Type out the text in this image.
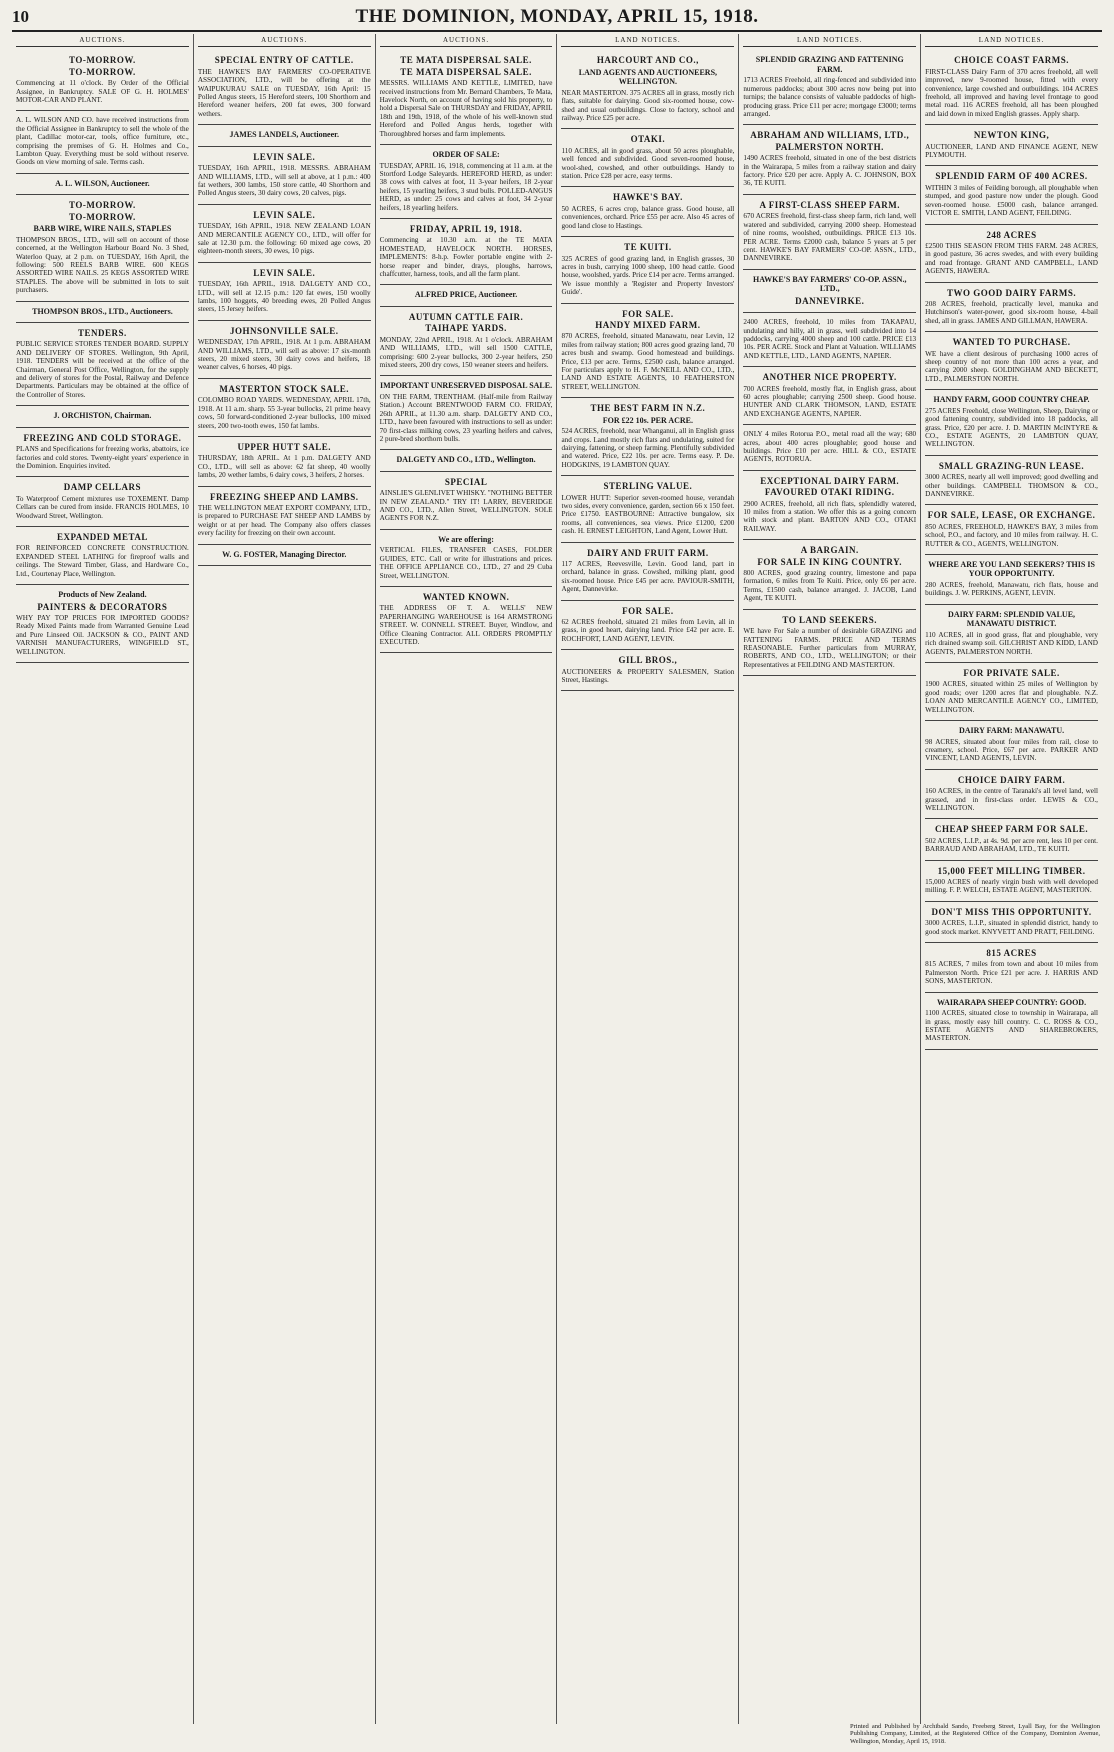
10	THE DOMINION, MONDAY, APRIL 15, 1918.
AUCTIONS.
TO-MORROW.
TO-MORROW.

Commencing at 11 o'clock. By Order of the Official Assignee, in Bankruptcy. SALE OF G. H. HOLMES' MOTOR-CAR AND PLANT.

A. L. WILSON AND CO. have received instructions from the Official Assignee in Bankruptcy to sell the whole of the plant, Cadillac motor-car, tools, office furniture, etc., comprising the premises of G. H. Holmes and Co., Lambton Quay. Everything must be sold without reserve. Goods on view morning of sale. Terms cash.

A. L. WILSON, Auctioneer.
TO-MORROW.
TO-MORROW.
BARB WIRE, WIRE NAILS, STAPLES

THOMPSON BROS., LTD., will sell on account of those concerned, at the Wellington Harbour Board No. 3 Shed, Waterloo Quay, at 2 p.m. on TUESDAY, 16th April, the following: 500 REELS BARB WIRE. 600 KEGS ASSORTED WIRE NAILS. 25 KEGS ASSORTED WIRE STAPLES. The above will be submitted in lots to suit purchasers.

THOMPSON BROS., LTD., Auctioneers.
TENDERS.

PUBLIC SERVICE STORES TENDER BOARD. SUPPLY AND DELIVERY OF STORES. Wellington, 9th April, 1918. TENDERS will be received at the office of the Chairman, General Post Office, Wellington, for the supply and delivery of stores for the Postal, Railway and Defence Departments. Particulars may be obtained at the office of the Controller of Stores.

J. ORCHISTON, Chairman.
FREEZING AND COLD STORAGE.

PLANS and Specifications for freezing works, abattoirs, ice factories and cold stores. Twenty-eight years' experience in the Dominion. Enquiries invited.

DAMP CELLARS

To Waterproof Cement mixtures use TOXEMENT. Damp Cellars can be cured from inside. FRANCIS HOLMES, 10 Woodward Street, Wellington.

EXPANDED METAL

FOR REINFORCED CONCRETE CONSTRUCTION. EXPANDED STEEL LATHING for fireproof walls and ceilings. The Steward Timber, Glass, and Hardware Co., Ltd., Courtenay Place, Wellington.

Products of New Zealand.
PAINTERS & DECORATORS

WHY PAY TOP PRICES FOR IMPORTED GOODS? Ready Mixed Paints made from Warranted Genuine Lead and Pure Linseed Oil. JACKSON & CO., PAINT AND VARNISH MANUFACTURERS, WINGFIELD ST., WELLINGTON.

AUCTIONS.
SPECIAL ENTRY OF CATTLE.

THE HAWKE'S BAY FARMERS' CO-OPERATIVE ASSOCIATION, LTD., will be offering at the WAIPUKURAU SALE on TUESDAY, 16th April: 15 Polled Angus steers, 15 Hereford steers, 100 Shorthorn and Hereford weaner heifers, 200 fat ewes, 300 forward wethers.

JAMES LANDELS, Auctioneer.
LEVIN SALE.

TUESDAY, 16th APRIL, 1918. MESSRS. ABRAHAM AND WILLIAMS, LTD., will sell at above, at 1 p.m.: 400 fat wethers, 300 lambs, 150 store cattle, 40 Shorthorn and Polled Angus steers, 30 dairy cows, 20 calves, pigs.

LEVIN SALE.

TUESDAY, 16th APRIL, 1918. NEW ZEALAND LOAN AND MERCANTILE AGENCY CO., LTD., will offer for sale at 12.30 p.m. the following: 60 mixed age cows, 20 eighteen-month steers, 30 ewes, 10 pigs.

LEVIN SALE.

TUESDAY, 16th APRIL, 1918. DALGETY AND CO., LTD., will sell at 12.15 p.m.: 120 fat ewes, 150 woolly lambs, 100 hoggets, 40 breeding ewes, 20 Polled Angus steers, 15 Jersey heifers.

JOHNSONVILLE SALE.

WEDNESDAY, 17th APRIL, 1918. At 1 p.m. ABRAHAM AND WILLIAMS, LTD., will sell as above: 17 six-month steers, 20 mixed steers, 30 dairy cows and heifers, 18 weaner calves, 6 horses, 40 pigs.

MASTERTON STOCK SALE.

COLOMBO ROAD YARDS. WEDNESDAY, APRIL 17th, 1918. At 11 a.m. sharp. 55 3-year bullocks, 21 prime heavy cows, 50 forward-conditioned 2-year bullocks, 100 mixed steers, 200 two-tooth ewes, 150 fat lambs.

UPPER HUTT SALE.

THURSDAY, 18th APRIL. At 1 p.m. DALGETY AND CO., LTD., will sell as above: 62 fat sheep, 40 woolly lambs, 20 wether lambs, 6 dairy cows, 3 heifers, 2 horses.

FREEZING SHEEP AND LAMBS.

THE WELLINGTON MEAT EXPORT COMPANY, LTD., is prepared to PURCHASE FAT SHEEP AND LAMBS by weight or at per head. The Company also offers classes every facility for freezing on their own account.

W. G. FOSTER, Managing Director.
AUCTIONS.
TE MATA DISPERSAL SALE.
TE MATA DISPERSAL SALE.

MESSRS. WILLIAMS AND KETTLE, LIMITED, have received instructions from Mr. Bernard Chambers, Te Mata, Havelock North, on account of having sold his property, to hold a Dispersal Sale on THURSDAY and FRIDAY, APRIL 18th and 19th, 1918, of the whole of his well-known stud Hereford and Polled Angus herds, together with Thoroughbred horses and farm implements.

ORDER OF SALE:

TUESDAY, APRIL 16, 1918, commencing at 11 a.m. at the Stortford Lodge Saleyards. HEREFORD HERD, as under: 38 cows with calves at foot, 11 3-year heifers, 18 2-year heifers, 15 yearling heifers, 3 stud bulls. POLLED-ANGUS HERD, as under: 25 cows and calves at foot, 34 2-year heifers, 18 yearling heifers.

FRIDAY, APRIL 19, 1918.

Commencing at 10.30 a.m. at the TE MATA HOMESTEAD, HAVELOCK NORTH. HORSES, IMPLEMENTS: 8-h.p. Fowler portable engine with 2-horse reaper and binder, drays, ploughs, harrows, chaffcutter, harness, tools, and all the farm plant.

ALFRED PRICE, Auctioneer.
AUTUMN CATTLE FAIR.
TAIHAPE YARDS.

MONDAY, 22nd APRIL, 1918. At 1 o'clock. ABRAHAM AND WILLIAMS, LTD., will sell 1500 CATTLE, comprising: 600 2-year bullocks, 300 2-year heifers, 250 mixed steers, 200 dry cows, 150 weaner steers and heifers.

IMPORTANT UNRESERVED DISPOSAL SALE.

ON THE FARM, TRENTHAM. (Half-mile from Railway Station.) Account BRENTWOOD FARM CO. FRIDAY, 26th APRIL, at 11.30 a.m. sharp. DALGETY AND CO., LTD., have been favoured with instructions to sell as under: 70 first-class milking cows, 23 yearling heifers and calves, 2 pure-bred shorthorn bulls.

DALGETY AND CO., LTD., Wellington.
SPECIAL

AINSLIE'S GLENLIVET WHISKY. "NOTHING BETTER IN NEW ZEALAND." TRY IT! LARRY, BEVERIDGE AND CO., LTD., Allen Street, WELLINGTON. SOLE AGENTS FOR N.Z.

We are offering:

VERTICAL FILES, TRANSFER CASES, FOLDER GUIDES, ETC. Call or write for illustrations and prices. THE OFFICE APPLIANCE CO., LTD., 27 and 29 Cuba Street, WELLINGTON.

WANTED KNOWN.

THE ADDRESS OF T. A. WELLS' NEW PAPERHANGING WAREHOUSE is 164 ARMSTRONG STREET. W. CONNELL STREET. Buyer, Windlow, and Office Cleaning Contractor. ALL ORDERS PROMPTLY EXECUTED.

LAND NOTICES.
HARCOURT AND CO.,
LAND AGENTS AND AUCTIONEERS, WELLINGTON.

NEAR MASTERTON. 375 ACRES all in grass, mostly rich flats, suitable for dairying. Good six-roomed house, cow-shed and usual outbuildings. Close to factory, school and railway. Price £25 per acre.

OTAKI.

110 ACRES, all in good grass, about 50 acres ploughable, well fenced and subdivided. Good seven-roomed house, wool-shed, cowshed, and other outbuildings. Handy to station. Price £28 per acre, easy terms.

HAWKE'S BAY.

50 ACRES, 6 acres crop, balance grass. Good house, all conveniences, orchard. Price £55 per acre. Also 45 acres of good land close to Hastings.

TE KUITI.

325 ACRES of good grazing land, in English grasses, 30 acres in bush, carrying 1000 sheep, 100 head cattle. Good house, woolshed, yards. Price £14 per acre. Terms arranged. We issue monthly a 'Register and Property Investors' Guide'.

FOR SALE.
HANDY MIXED FARM.

870 ACRES, freehold, situated Manawatu, near Levin, 12 miles from railway station; 800 acres good grazing land, 70 acres bush and swamp. Good homestead and buildings. Price, £13 per acre. Terms, £2500 cash, balance arranged. For particulars apply to H. F. McNEILL AND CO., LTD., LAND AND ESTATE AGENTS, 10 FEATHERSTON STREET, WELLINGTON.

THE BEST FARM IN N.Z.
FOR £22 10s. PER ACRE.

524 ACRES, freehold, near Whanganui, all in English grass and crops. Land mostly rich flats and undulating, suited for dairying, fattening, or sheep farming. Plentifully subdivided and watered. Price, £22 10s. per acre. Terms easy. P. De. HODGKINS, 19 LAMBTON QUAY.

STERLING VALUE.

LOWER HUTT: Superior seven-roomed house, verandah two sides, every convenience, garden, section 66 x 150 feet. Price £1750. EASTBOURNE: Attractive bungalow, six rooms, all conveniences, sea views. Price £1200, £200 cash. H. ERNEST LEIGHTON, Land Agent, Lower Hutt.

DAIRY AND FRUIT FARM.

117 ACRES, Reevesville, Levin. Good land, part in orchard, balance in grass. Cowshed, milking plant, good six-roomed house. Price £45 per acre. PAVIOUR-SMITH, Agent, Dannevirke.

FOR SALE.

62 ACRES freehold, situated 21 miles from Levin, all in grass, in good heart, dairying land. Price £42 per acre. E. ROCHFORT, LAND AGENT, LEVIN.

GILL BROS.,

AUCTIONEERS & PROPERTY SALESMEN, Station Street, Hastings.

LAND NOTICES.
SPLENDID GRAZING AND FATTENING FARM.

1713 ACRES Freehold, all ring-fenced and subdivided into numerous paddocks; about 300 acres now being put into turnips; the balance consists of valuable paddocks of high-producing grass. Price £11 per acre; mortgage £3000; terms arranged.

ABRAHAM AND WILLIAMS, LTD.,
PALMERSTON NORTH.

1490 ACRES freehold, situated in one of the best districts in the Wairarapa, 5 miles from a railway station and dairy factory. Price £20 per acre. Apply A. C. JOHNSON, BOX 36, TE KUITI.

A FIRST-CLASS SHEEP FARM.

670 ACRES freehold, first-class sheep farm, rich land, well watered and subdivided, carrying 2000 sheep. Homestead of nine rooms, woolshed, outbuildings. PRICE £13 10s. PER ACRE. Terms £2000 cash, balance 5 years at 5 per cent. HAWKE'S BAY FARMERS' CO-OP. ASSN., LTD., DANNEVIRKE.

HAWKE'S BAY FARMERS' CO-OP. ASSN., LTD.,
DANNEVIRKE.

2400 ACRES, freehold, 10 miles from TAKAPAU, undulating and hilly, all in grass, well subdivided into 14 paddocks, carrying 4000 sheep and 100 cattle. PRICE £13 10s. PER ACRE. Stock and Plant at Valuation. WILLIAMS AND KETTLE, LTD., LAND AGENTS, NAPIER.

ANOTHER NICE PROPERTY.

700 ACRES freehold, mostly flat, in English grass, about 60 acres ploughable; carrying 2500 sheep. Good house. HUNTER AND CLARK THOMSON, LAND, ESTATE AND EXCHANGE AGENTS, NAPIER.

ONLY 4 miles Rotorua P.O., metal road all the way; 680 acres, about 400 acres ploughable; good house and buildings. Price £10 per acre. HILL & CO., ESTATE AGENTS, ROTORUA.

EXCEPTIONAL DAIRY FARM.
FAVOURED OTAKI RIDING.

2900 ACRES, freehold, all rich flats, splendidly watered, 10 miles from a station. We offer this as a going concern with stock and plant. BARTON AND CO., OTAKI RAILWAY.

A BARGAIN.
FOR SALE IN KING COUNTRY.

800 ACRES, good grazing country, limestone and papa formation, 6 miles from Te Kuiti. Price, only £6 per acre. Terms, £1500 cash, balance arranged. J. JACOB, Land Agent, TE KUITI.

TO LAND SEEKERS.

WE have For Sale a number of desirable GRAZING and FATTENING FARMS. PRICE AND TERMS REASONABLE. Further particulars from MURRAY, ROBERTS, AND CO., LTD., WELLINGTON; or their Representatives at FEILDING AND MASTERTON.

LAND NOTICES.
CHOICE COAST FARMS.

FIRST-CLASS Dairy Farm of 370 acres freehold, all well improved, new 9-roomed house, fitted with every convenience, large cowshed and outbuildings. 104 ACRES freehold, all improved and having level frontage to good metal road. 116 ACRES freehold, all has been ploughed and laid down in mixed English grasses. Apply sharp.

NEWTON KING,

AUCTIONEER, LAND AND FINANCE AGENT, NEW PLYMOUTH.

SPLENDID FARM OF 400 ACRES.

WITHIN 3 miles of Feilding borough, all ploughable when stumped, and good pasture now under the plough. Good seven-roomed house. £5000 cash, balance arranged. VICTOR E. SMITH, LAND AGENT, FEILDING.

248 ACRES

£2500 THIS SEASON FROM THIS FARM. 248 ACRES, in good pasture, 36 acres swedes, and with every building and road frontage. GRANT AND CAMPBELL, LAND AGENTS, HAWERA.

TWO GOOD DAIRY FARMS.

208 ACRES, freehold, practically level, manuka and Hutchinson's water-power, good six-room house, 4-bail shed, all in grass. JAMES AND GILLMAN, HAWERA.

WANTED TO PURCHASE.

WE have a client desirous of purchasing 1000 acres of sheep country of not more than 100 acres a year, and carrying 2000 sheep. GOLDINGHAM AND BECKETT, LTD., PALMERSTON NORTH.

HANDY FARM, GOOD COUNTRY CHEAP.

275 ACRES Freehold, close Wellington, Sheep, Dairying or good fattening country, subdivided into 18 paddocks, all grass. Price, £20 per acre. J. D. MARTIN McINTYRE & CO., ESTATE AGENTS, 20 LAMBTON QUAY, WELLINGTON.

SMALL GRAZING-RUN LEASE.

3000 ACRES, nearly all well improved; good dwelling and other buildings. CAMPBELL THOMSON & CO., DANNEVIRKE.

FOR SALE, LEASE, OR EXCHANGE.

850 ACRES, FREEHOLD, HAWKE'S BAY, 3 miles from school, P.O., and factory, and 10 miles from railway. H. C. RUTTER & CO., AGENTS, WELLINGTON.

WHERE ARE YOU LAND SEEKERS? THIS IS YOUR OPPORTUNITY.

280 ACRES, freehold, Manawatu, rich flats, house and buildings. J. W. PERKINS, AGENT, LEVIN.

DAIRY FARM: SPLENDID VALUE, MANAWATU DISTRICT.

110 ACRES, all in good grass, flat and ploughable, very rich drained swamp soil. GILCHRIST AND KIDD, LAND AGENTS, PALMERSTON NORTH.

FOR PRIVATE SALE.

1900 ACRES, situated within 25 miles of Wellington by good roads; over 1200 acres flat and ploughable. N.Z. LOAN AND MERCANTILE AGENCY CO., LIMITED, WELLINGTON.

DAIRY FARM: MANAWATU.

98 ACRES, situated about four miles from rail, close to creamery, school. Price, £67 per acre. PARKER AND VINCENT, LAND AGENTS, LEVIN.

CHOICE DAIRY FARM.

160 ACRES, in the centre of Taranaki's all level land, well grassed, and in first-class order. LEWIS & CO., WELLINGTON.

CHEAP SHEEP FARM FOR SALE.

502 ACRES, L.I.P., at 4s. 9d. per acre rent, less 10 per cent. BARRAUD AND ABRAHAM, LTD., TE KUITI.

15,000 FEET MILLING TIMBER.

15,000 ACRES of nearly virgin bush with well developed milling. F. P. WELCH, ESTATE AGENT, MASTERTON.

DON'T MISS THIS OPPORTUNITY.

3000 ACRES, L.I.P., situated in splendid district, handy to good stock market. KNYVETT AND PRATT, FEILDING.

815 ACRES

815 ACRES, 7 miles from town and about 10 miles from Palmerston North. Price £21 per acre. J. HARRIS AND SONS, MASTERTON.

WAIRARAPA SHEEP COUNTRY: GOOD.

1100 ACRES, situated close to township in Wairarapa, all in grass, mostly easy hill country. C. C. ROSS & CO., ESTATE AGENTS AND SHAREBROKERS, MASTERTON.

Printed and Published by Archibald Sando, Freeberg Street, Lyall Bay, for the Wellington Publishing Company, Limited, at the Registered Office of the Company, Dominion Avenue, Wellington, Monday, April 15, 1918.
